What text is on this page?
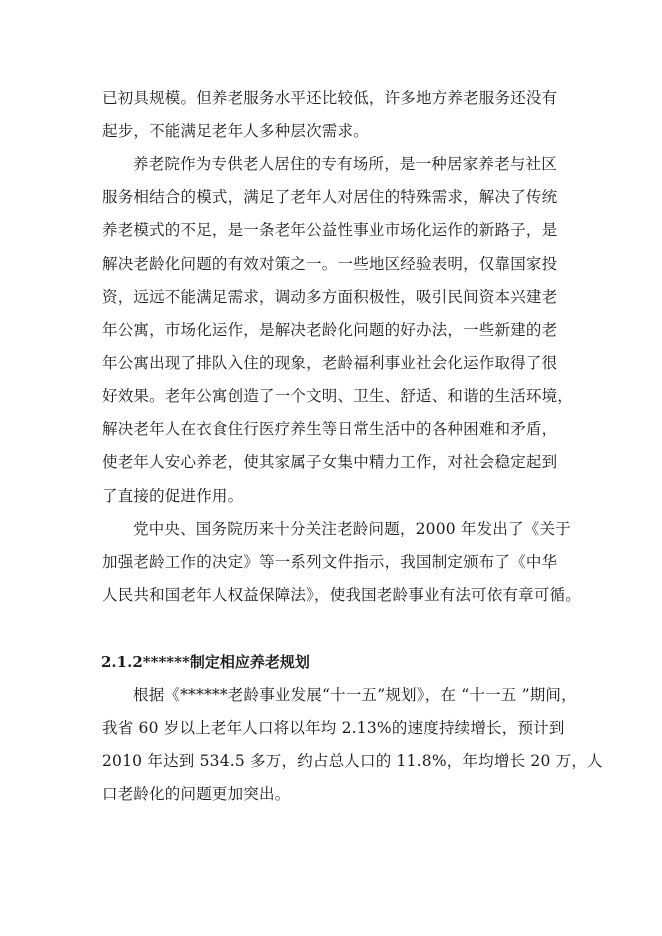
已初具规模。但养老服务水平还比较低，许多地方养老服务还没有
起步，不能满足老年人多种层次需求。
养老院作为专供老人居住的专有场所，是一种居家养老与社区
服务相结合的模式，满足了老年人对居住的特殊需求，解决了传统
养老模式的不足，是一条老年公益性事业市场化运作的新路子，是
解决老龄化问题的有效对策之一。一些地区经验表明，仅靠国家投
资，远远不能满足需求，调动多方面积极性，吸引民间资本兴建老
年公寓，市场化运作，是解决老龄化问题的好办法，一些新建的老
年公寓出现了排队入住的现象，老龄福利事业社会化运作取得了很
好效果。老年公寓创造了一个文明、卫生、舒适、和谐的生活环境，
解决老年人在衣食住行医疗养生等日常生活中的各种困难和矛盾，
使老年人安心养老，使其家属子女集中精力工作，对社会稳定起到
了直接的促进作用。
党中央、国务院历来十分关注老龄问题，2000 年发出了《关于
加强老龄工作的决定》等一系列文件指示，我国制定颁布了《中华
人民共和国老年人权益保障法》，使我国老龄事业有法可依有章可循。
2.1.2******制定相应养老规划
根据《******老龄事业发展“十一五”规划》，在 “十一五 ”期间，
我省 60 岁以上老年人口将以年均 2.13%的速度持续增长，预计到
2010 年达到 534.5 多万，约占总人口的 11.8%，年均增长 20 万，人
口老龄化的问题更加突出。
